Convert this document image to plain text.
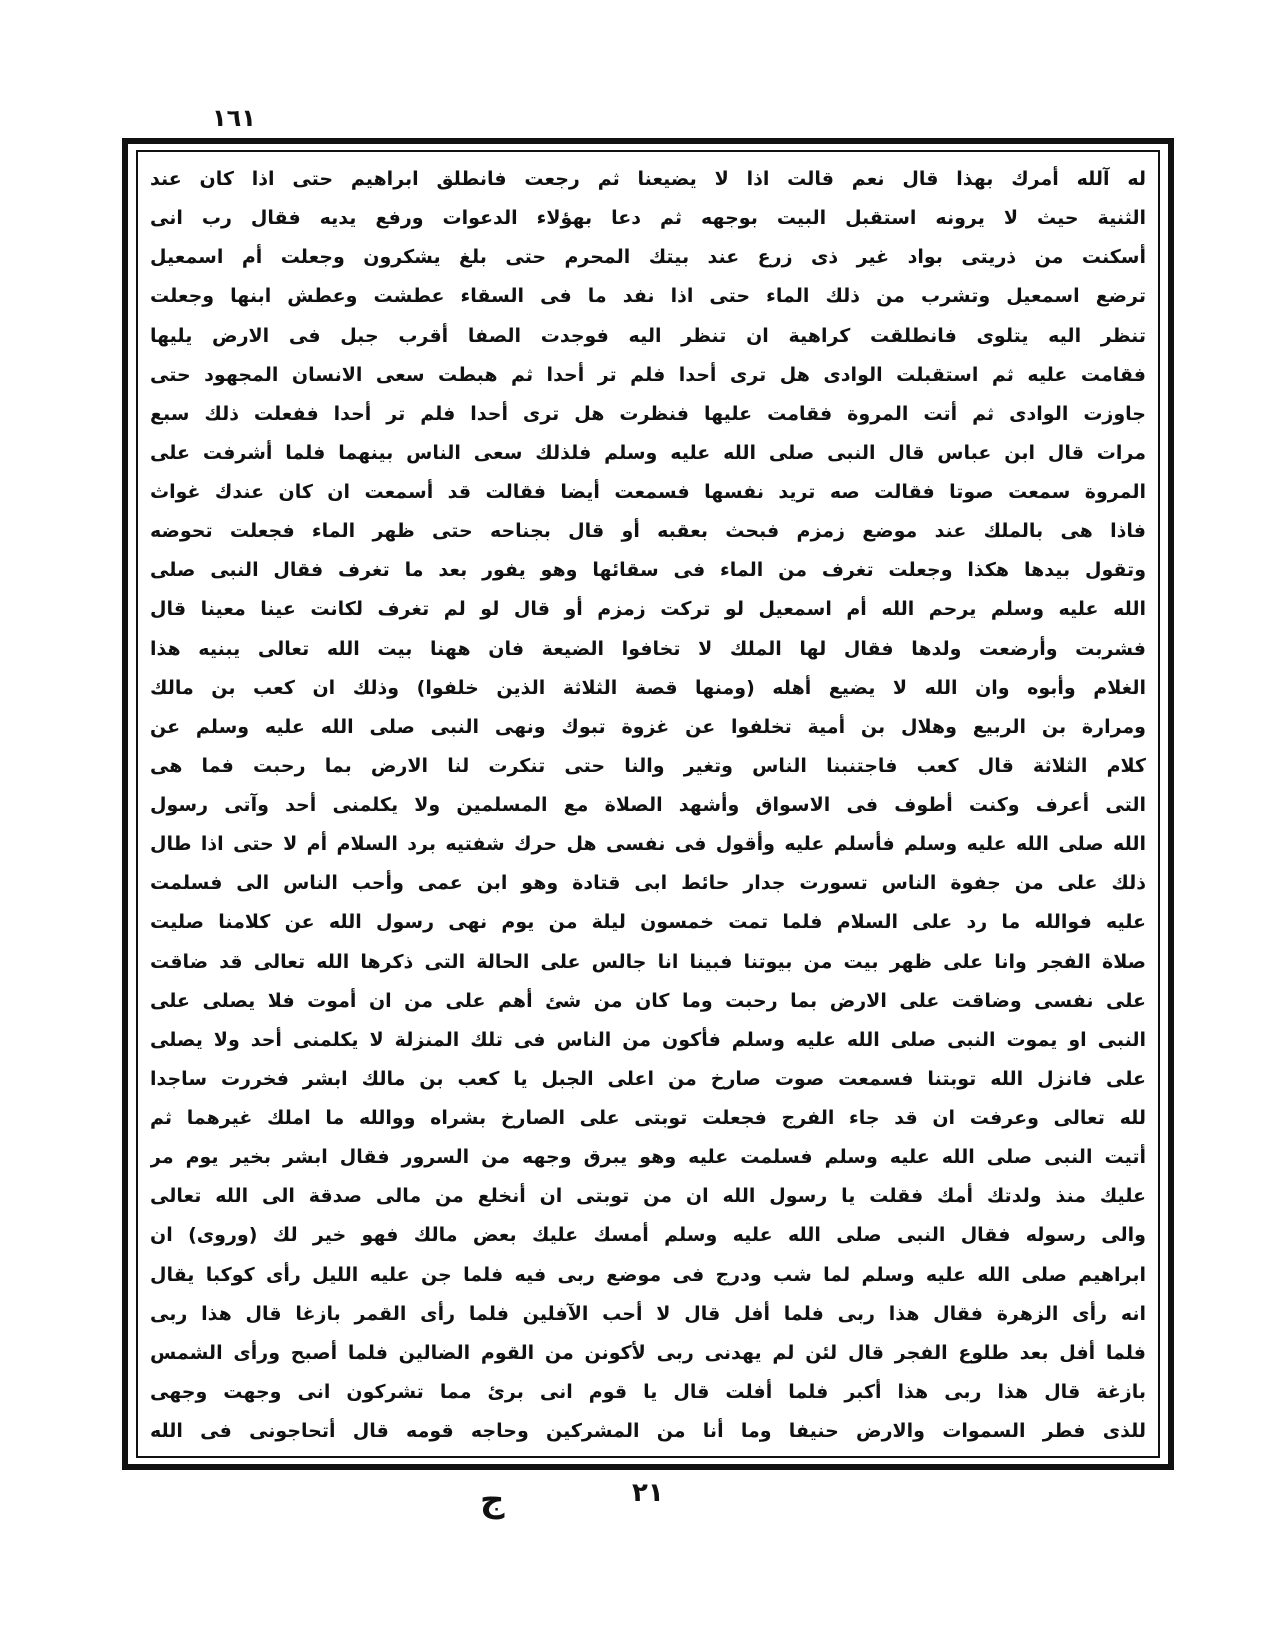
١٦١
له آلله أمرك بهذا قال نعم قالت اذا لا يضيعنا ثم رجعت فانطلق ابراهيم حتى اذا كان عند
الثنية حيث لا يرونه استقبل البيت بوجهه ثم دعا بهؤلاء الدعوات ورفع يديه فقال رب انى
أسكنت من ذريتى بواد غير ذى زرع عند بيتك المحرم حتى بلغ يشكرون وجعلت أم اسمعيل
ترضع اسمعيل وتشرب من ذلك الماء حتى اذا نفد ما فى السقاء عطشت وعطش ابنها وجعلت
تنظر اليه يتلوى فانطلقت كراهية ان تنظر اليه فوجدت الصفا أقرب جبل فى الارض يليها
فقامت عليه ثم استقبلت الوادى هل ترى أحدا فلم تر أحدا ثم هبطت سعى الانسان المجهود حتى
جاوزت الوادى ثم أتت المروة فقامت عليها فنظرت هل ترى أحدا فلم تر أحدا ففعلت ذلك سبع
مرات قال ابن عباس قال النبى صلى الله عليه وسلم فلذلك سعى الناس بينهما فلما أشرفت على
المروة سمعت صوتا فقالت صه تريد نفسها فسمعت أيضا فقالت قد أسمعت ان كان عندك غواث
فاذا هى بالملك عند موضع زمزم فبحث بعقبه أو قال بجناحه حتى ظهر الماء فجعلت تحوضه
وتقول بيدها هكذا وجعلت تغرف من الماء فى سقائها وهو يفور بعد ما تغرف فقال النبى صلى
الله عليه وسلم يرحم الله أم اسمعيل لو تركت زمزم أو قال لو لم تغرف لكانت عينا معينا قال
فشربت وأرضعت ولدها فقال لها الملك لا تخافوا الضيعة فان ههنا بيت الله تعالى يبنيه هذا
الغلام وأبوه وان الله لا يضيع أهله (ومنها قصة الثلاثة الذين خلفوا) وذلك ان كعب بن مالك
ومرارة بن الربيع وهلال بن أمية تخلفوا عن غزوة تبوك ونهى النبى صلى الله عليه وسلم عن
كلام الثلاثة قال كعب فاجتنبنا الناس وتغير والنا حتى تنكرت لنا الارض بما رحبت فما هى
التى أعرف وكنت أطوف فى الاسواق وأشهد الصلاة مع المسلمين ولا يكلمنى أحد وآتى رسول
الله صلى الله عليه وسلم فأسلم عليه وأقول فى نفسى هل حرك شفتيه برد السلام أم لا حتى اذا طال
ذلك على من جفوة الناس تسورت جدار حائط ابى قتادة وهو ابن عمى وأحب الناس الى فسلمت
عليه فوالله ما رد على السلام فلما تمت خمسون ليلة من يوم نهى رسول الله عن كلامنا صليت
صلاة الفجر وانا على ظهر بيت من بيوتنا فبينا انا جالس على الحالة التى ذكرها الله تعالى قد ضاقت
على نفسى وضاقت على الارض بما رحبت وما كان من شئ أهم على من ان أموت فلا يصلى على
النبى او يموت النبى صلى الله عليه وسلم فأكون من الناس فى تلك المنزلة لا يكلمنى أحد ولا يصلى
على فانزل الله توبتنا فسمعت صوت صارخ من اعلى الجبل يا كعب بن مالك ابشر فخررت ساجدا
لله تعالى وعرفت ان قد جاء الفرج فجعلت توبتى على الصارخ بشراه ووالله ما املك غيرهما ثم
أتيت النبى صلى الله عليه وسلم فسلمت عليه وهو يبرق وجهه من السرور فقال ابشر بخير يوم مر
عليك منذ ولدتك أمك فقلت يا رسول الله ان من توبتى ان أنخلع من مالى صدقة الى الله تعالى
والى رسوله فقال النبى صلى الله عليه وسلم أمسك عليك بعض مالك فهو خير لك (وروى) ان
ابراهيم صلى الله عليه وسلم لما شب ودرج فى موضع ربى فيه فلما جن عليه الليل رأى كوكبا يقال
انه رأى الزهرة فقال هذا ربى فلما أفل قال لا أحب الآفلين فلما رأى القمر بازغا قال هذا ربى
فلما أفل بعد طلوع الفجر قال لئن لم يهدنى ربى لأكونن من القوم الضالين فلما أصبح ورأى الشمس
بازغة قال هذا ربى هذا أكبر فلما أفلت قال يا قوم انى برئ مما تشركون انى وجهت وجهى
للذى فطر السموات والارض حنيفا وما أنا من المشركين وحاجه قومه قال أتحاجونى فى الله
ج	٢١
